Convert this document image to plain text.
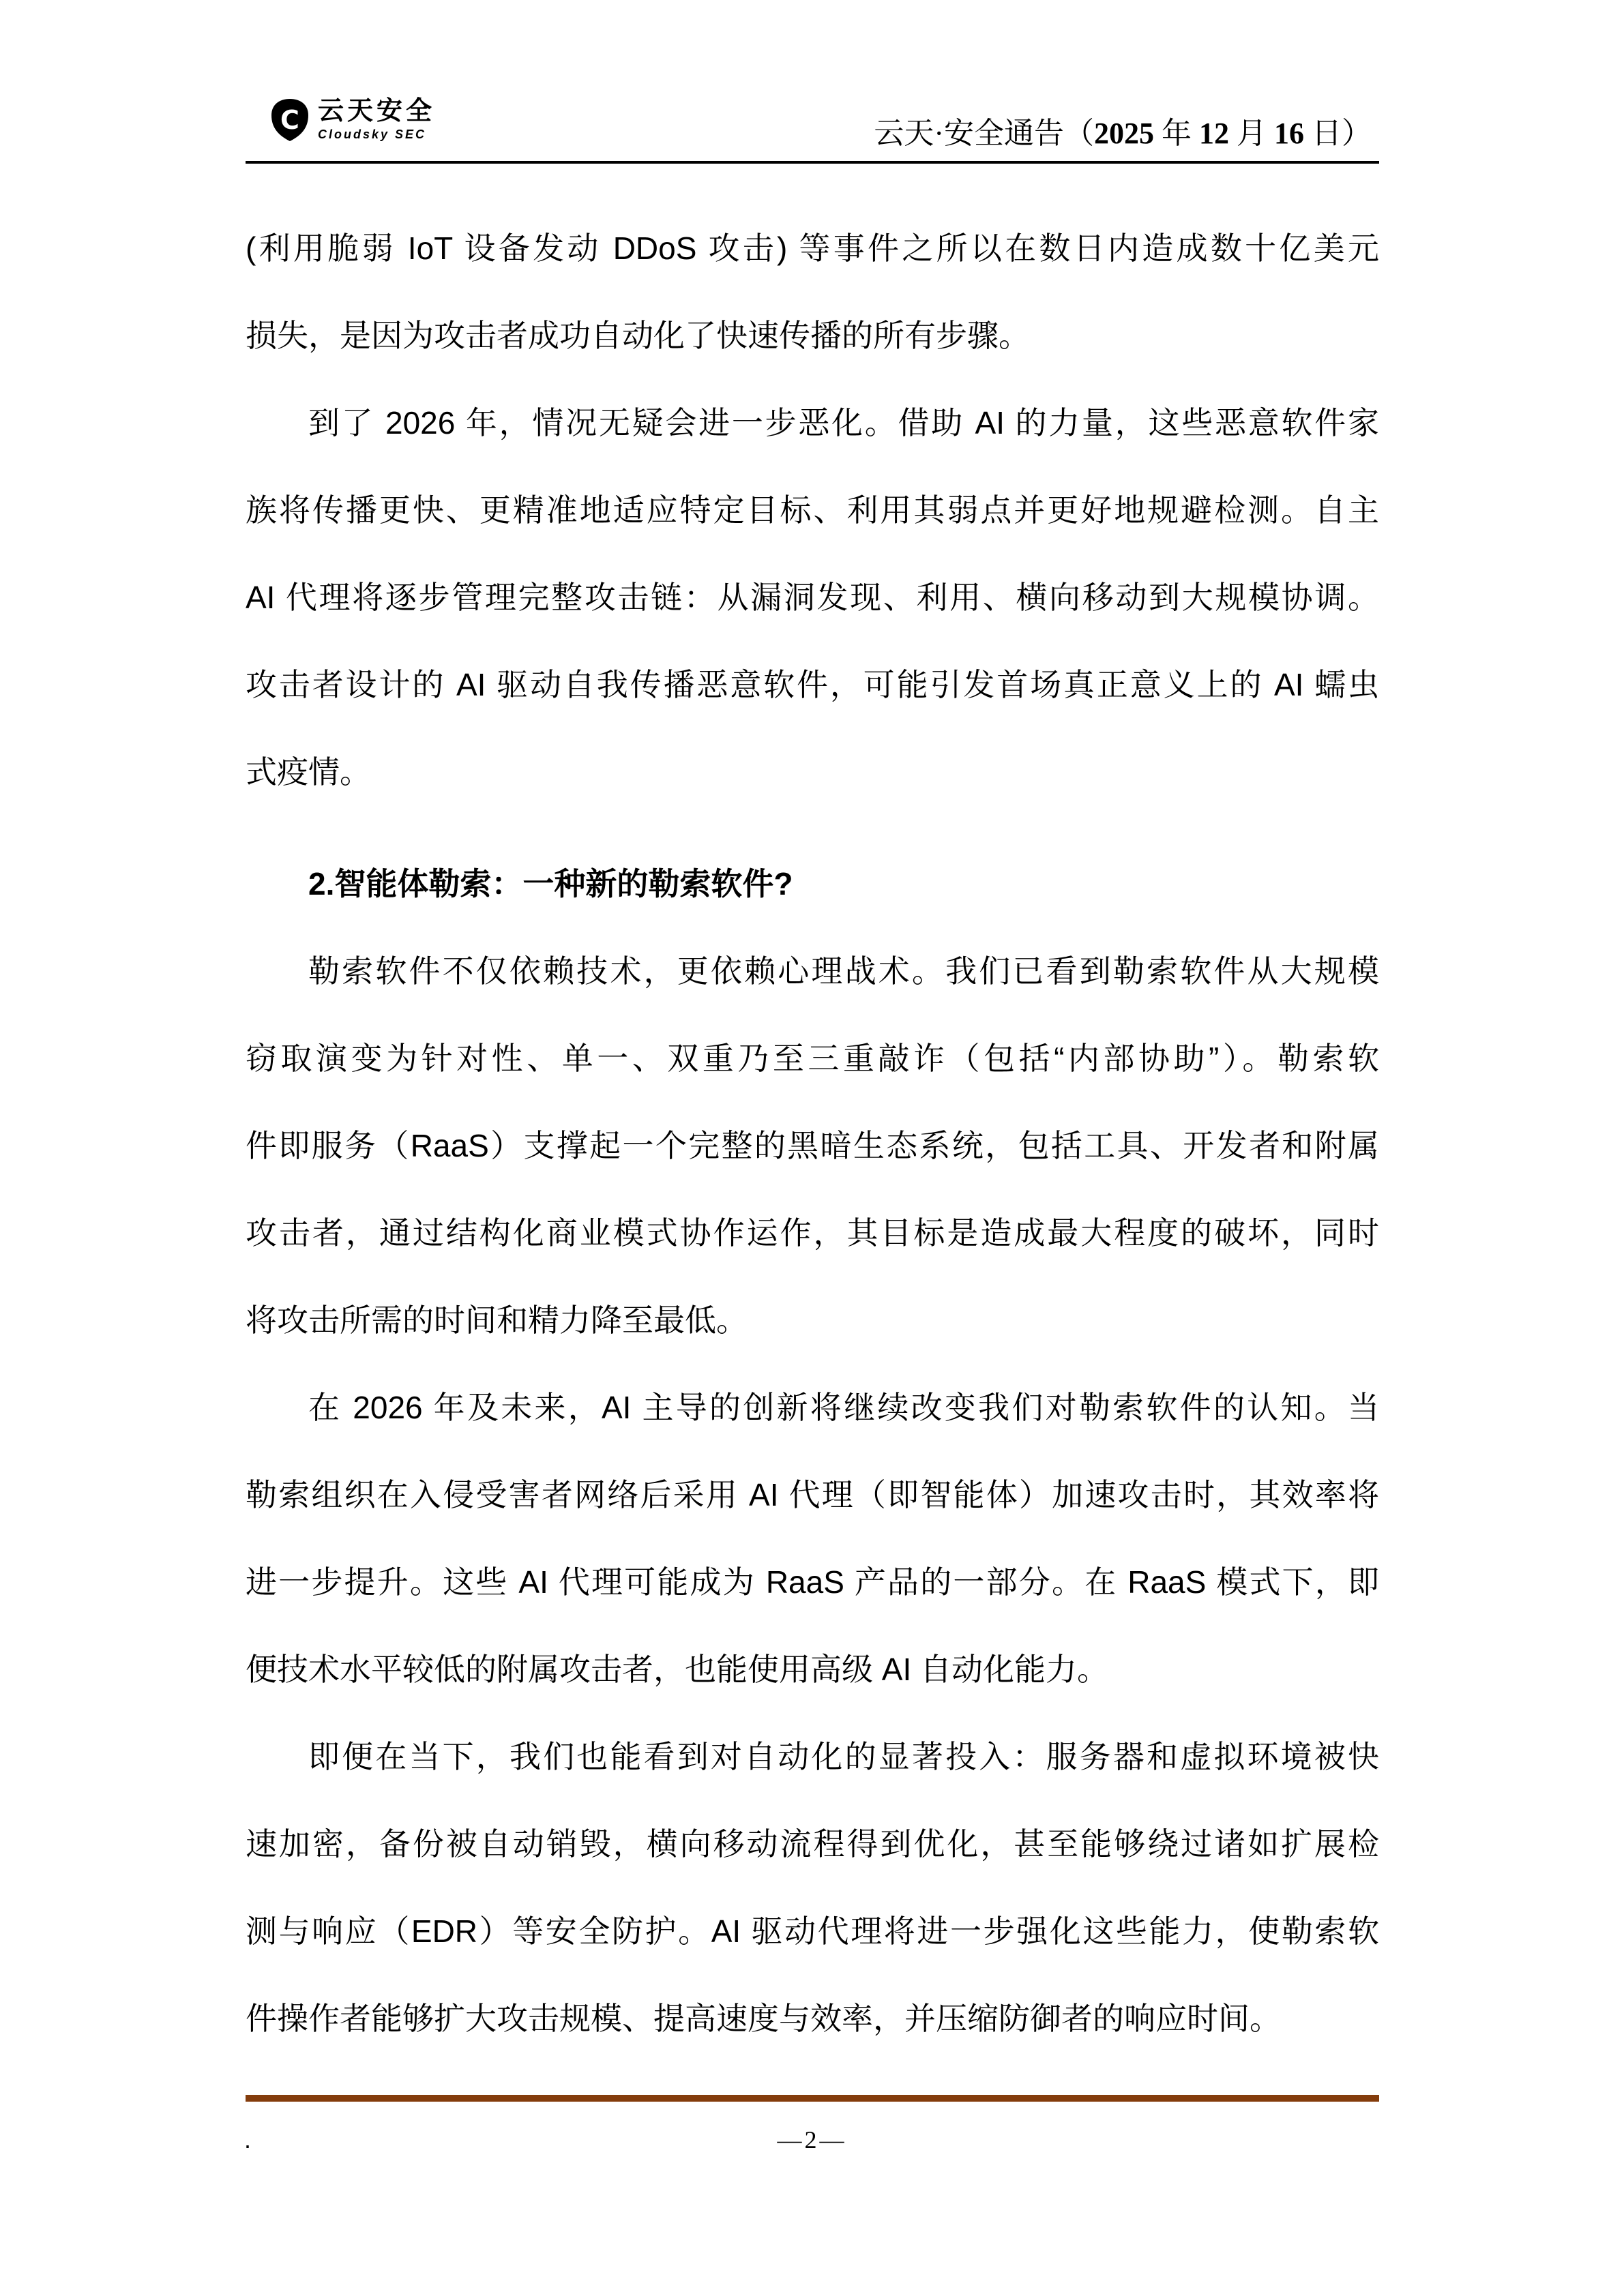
C 云天安全
Cloudsky SEC	云天·安全通告（2025 年 12 月 16 日）
(利用脆弱 IoT 设备发动 DDoS 攻击) 等事件之所以在数日内造成数十亿美元
损失，是因为攻击者成功自动化了快速传播的所有步骤。
到了 2026 年，情况无疑会进一步恶化。借助 AI 的力量，这些恶意软件家
族将传播更快、更精准地适应特定目标、利用其弱点并更好地规避检测。自主
AI 代理将逐步管理完整攻击链：从漏洞发现、利用、横向移动到大规模协调。
攻击者设计的 AI 驱动自我传播恶意软件，可能引发首场真正意义上的 AI 蠕虫
式疫情。
2.智能体勒索：一种新的勒索软件?
勒索软件不仅依赖技术，更依赖心理战术。我们已看到勒索软件从大规模
窃取演变为针对性、单一、双重乃至三重敲诈（包括“内部协助”）。勒索软
件即服务（RaaS）支撑起一个完整的黑暗生态系统，包括工具、开发者和附属
攻击者，通过结构化商业模式协作运作，其目标是造成最大程度的破坏，同时
将攻击所需的时间和精力降至最低。
在 2026 年及未来，AI 主导的创新将继续改变我们对勒索软件的认知。当
勒索组织在入侵受害者网络后采用 AI 代理（即智能体）加速攻击时，其效率将
进一步提升。这些 AI 代理可能成为 RaaS 产品的一部分。在 RaaS 模式下，即
便技术水平较低的附属攻击者，也能使用高级 AI 自动化能力。
即便在当下，我们也能看到对自动化的显著投入：服务器和虚拟环境被快
速加密，备份被自动销毁，横向移动流程得到优化，甚至能够绕过诸如扩展检
测与响应（EDR）等安全防护。AI 驱动代理将进一步强化这些能力，使勒索软
件操作者能够扩大攻击规模、提高速度与效率，并压缩防御者的响应时间。
.	—2—
